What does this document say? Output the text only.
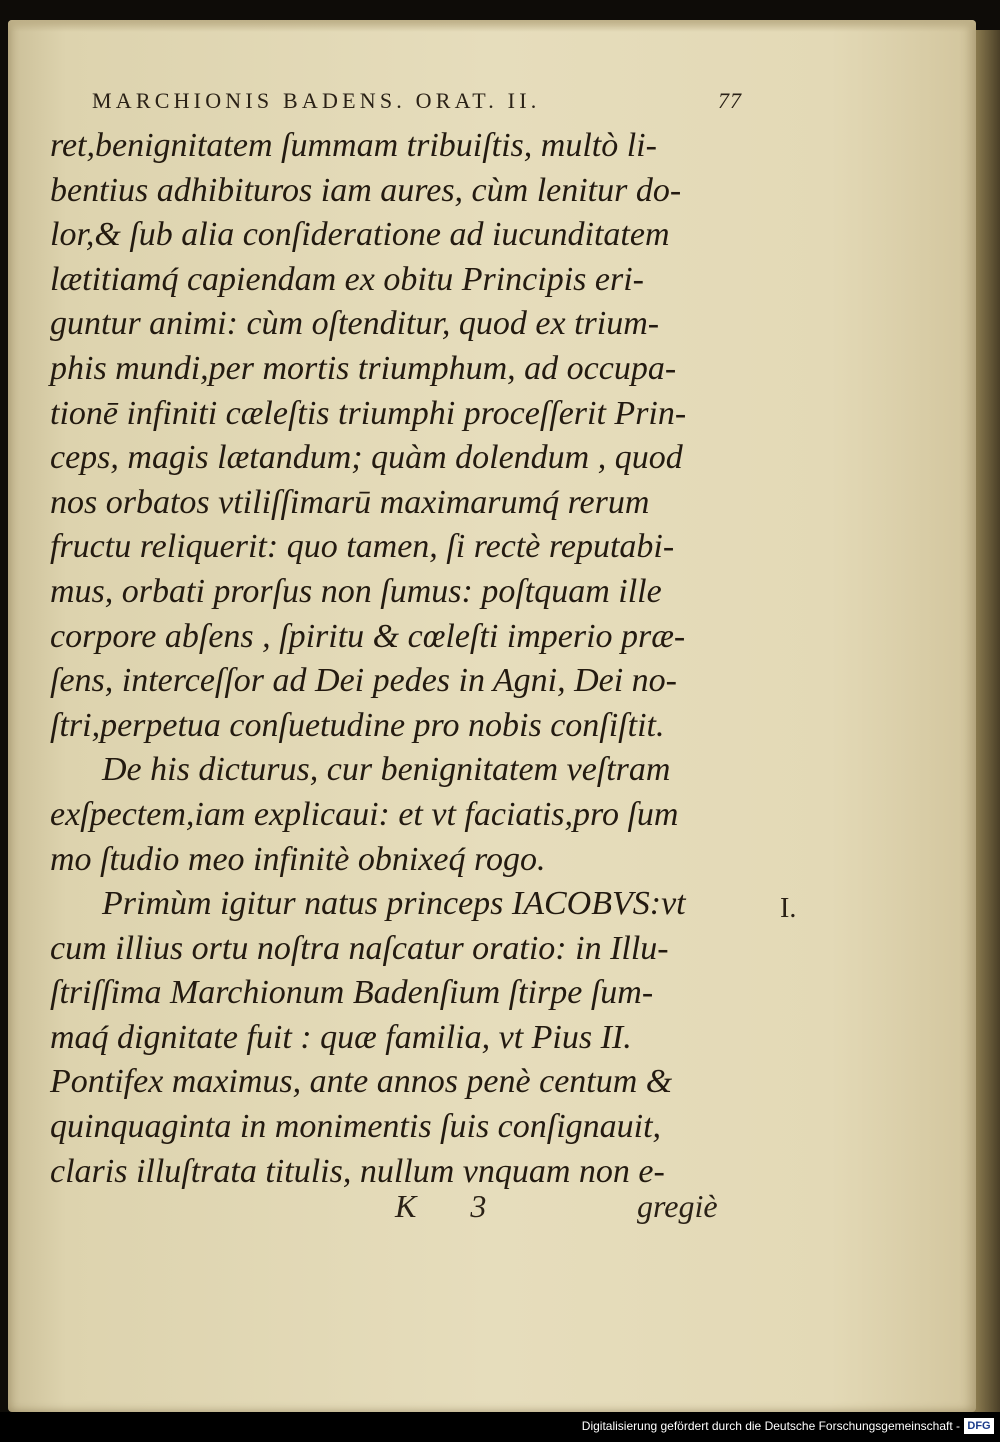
MARCHIONIS BADENS. ORAT. II.	77
ret,benignitatem ſummam tribuiſtis, multò li-
bentius adhibituros iam aures, cùm lenitur do-
lor,& ſub alia conſideratione ad iucunditatem
lætitiamq́ capiendam ex obitu Principis eri-
guntur animi: cùm oſtenditur, quod ex trium-
phis mundi,per mortis triumphum, ad occupa-
tionē infiniti cæleſtis triumphi proceſſerit Prin-
ceps, magis lætandum; quàm dolendum , quod
nos orbatos vtiliſſimarū maximarumq́ rerum
fructu reliquerit: quo tamen, ſi rectè reputabi-
mus, orbati prorſus non ſumus: poſtquam ille
corpore abſens , ſpiritu & cœleſti imperio præ-
ſens, interceſſor ad Dei pedes in Agni, Dei no-
ſtri,perpetua conſuetudine pro nobis conſiſtit.
De his dicturus, cur benignitatem veſtram
exſpectem,iam explicaui: et vt faciatis,pro ſum
mo ſtudio meo infinitè obnixeq́ rogo.
Primùm igitur natus princeps IACOBVS:vt
cum illius ortu noſtra naſcatur oratio: in Illu-
ſtriſſima Marchionum Badenſium ſtirpe ſum-
maq́ dignitate fuit : quæ familia, vt Pius II.
Pontifex maximus, ante annos penè centum &
quinquaginta in monimentis ſuis conſignauit,
claris illuſtrata titulis, nullum vnquam non e-
I.
K 3	gregiè
Digitalisierung gefördert durch die Deutsche Forschungsgemeinschaft - DFG
